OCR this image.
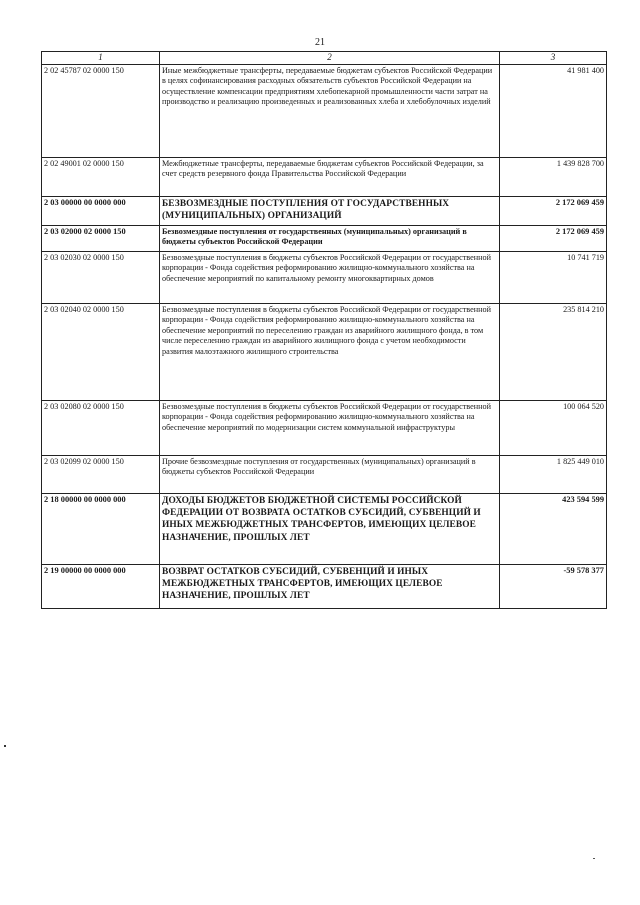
21
1	2	3
2 02 45787 02 0000 150	Иные межбюджетные трансферты, передаваемые бюджетам субъектов Российской Федерации в целях софинансирования расходных обязательств субъектов Российской Федерации на осуществление компенсации предприятиям хлебопекарной промышленности части затрат на производство и реализацию произведенных и реализованных хлеба и хлебобулочных изделий	41 981 400
2 02 49001 02 0000 150	Межбюджетные трансферты, передаваемые бюджетам субъектов Российской Федерации, за счет средств резервного фонда Правительства Российской Федерации	1 439 828 700
2 03 00000 00 0000 000	БЕЗВОЗМЕЗДНЫЕ ПОСТУПЛЕНИЯ ОТ ГОСУДАРСТВЕННЫХ (МУНИЦИПАЛЬНЫХ) ОРГАНИЗАЦИЙ	2 172 069 459
2 03 02000 02 0000 150	Безвозмездные поступления от государственных (муниципальных) организаций в бюджеты субъектов Российской Федерации	2 172 069 459
2 03 02030 02 0000 150	Безвозмездные поступления в бюджеты субъектов Российской Федерации от государственной корпорации - Фонда содействия реформированию жилищно-коммунального хозяйства на обеспечение мероприятий по капитальному ремонту многоквартирных домов	10 741 719
2 03 02040 02 0000 150	Безвозмездные поступления в бюджеты субъектов Российской Федерации от государственной корпорации - Фонда содействия реформированию жилищно-коммунального хозяйства на обеспечение мероприятий по переселению граждан из аварийного жилищного фонда, в том числе переселению граждан из аварийного жилищного фонда с учетом необходимости развития малоэтажного жилищного строительства	235 814 210
2 03 02080 02 0000 150	Безвозмездные поступления в бюджеты субъектов Российской Федерации от государственной корпорации - Фонда содействия реформированию жилищно-коммунального хозяйства на обеспечение мероприятий по модернизации систем коммунальной инфраструктуры	100 064 520
2 03 02099 02 0000 150	Прочие безвозмездные поступления от государственных (муниципальных) организаций в бюджеты субъектов Российской Федерации	1 825 449 010
2 18 00000 00 0000 000	ДОХОДЫ БЮДЖЕТОВ БЮДЖЕТНОЙ СИСТЕМЫ РОССИЙСКОЙ ФЕДЕРАЦИИ ОТ ВОЗВРАТА ОСТАТКОВ СУБСИДИЙ, СУБВЕНЦИЙ И ИНЫХ МЕЖБЮДЖЕТНЫХ ТРАНСФЕРТОВ, ИМЕЮЩИХ ЦЕЛЕВОЕ НАЗНАЧЕНИЕ, ПРОШЛЫХ ЛЕТ	423 594 599
2 19 00000 00 0000 000	ВОЗВРАТ ОСТАТКОВ СУБСИДИЙ, СУБВЕНЦИЙ И ИНЫХ МЕЖБЮДЖЕТНЫХ ТРАНСФЕРТОВ, ИМЕЮЩИХ ЦЕЛЕВОЕ НАЗНАЧЕНИЕ, ПРОШЛЫХ ЛЕТ	-59 578 377
